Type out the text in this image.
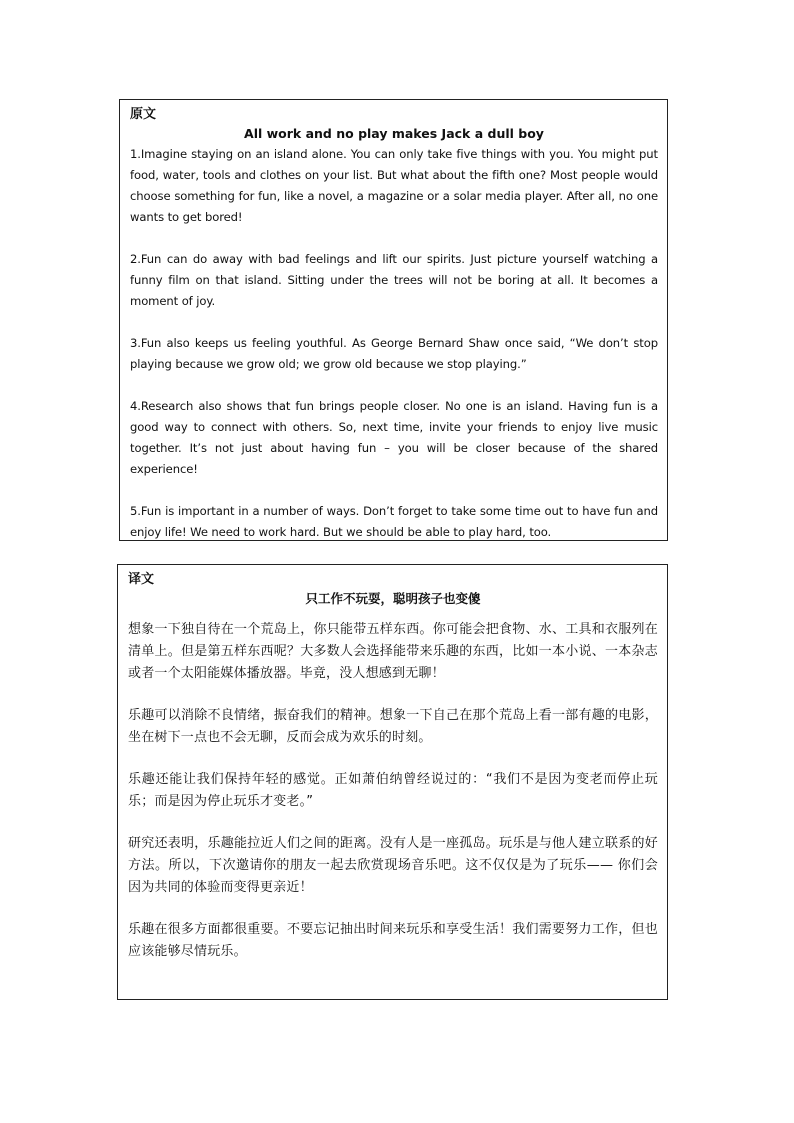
原文
All work and no play makes Jack a dull boy

1.Imagine staying on an island alone. You can only take five things with you. You might put food, water, tools and clothes on your list. But what about the fifth one? Most people would choose something for fun, like a novel, a magazine or a solar media player. After all, no one wants to get bored!

2.Fun can do away with bad feelings and lift our spirits. Just picture yourself watching a funny film on that island. Sitting under the trees will not be boring at all. It becomes a moment of joy.

3.Fun also keeps us feeling youthful. As George Bernard Shaw once said, “We don’t stop playing because we grow old; we grow old because we stop playing.”

4.Research also shows that fun brings people closer. No one is an island. Having fun is a good way to connect with others. So, next time, invite your friends to enjoy live music together. It’s not just about having fun – you will be closer because of the shared experience!

5.Fun is important in a number of ways. Don’t forget to take some time out to have fun and enjoy life! We need to work hard. But we should be able to play hard, too.

译文
只工作不玩耍，聪明孩子也变傻

想象一下独自待在一个荒岛上，你只能带五样东西。你可能会把食物、水、工具和衣服列在清单上。但是第五样东西呢？大多数人会选择能带来乐趣的东西，比如一本小说、一本杂志或者一个太阳能媒体播放器。毕竟，没人想感到无聊！

乐趣可以消除不良情绪，振奋我们的精神。想象一下自己在那个荒岛上看一部有趣的电影，坐在树下一点也不会无聊，反而会成为欢乐的时刻。

乐趣还能让我们保持年轻的感觉。正如萧伯纳曾经说过的：“我们不是因为变老而停止玩乐；而是因为停止玩乐才变老。”

研究还表明，乐趣能拉近人们之间的距离。没有人是一座孤岛。玩乐是与他人建立联系的好方法。所以，下次邀请你的朋友一起去欣赏现场音乐吧。这不仅仅是为了玩乐—— 你们会因为共同的体验而变得更亲近！

乐趣在很多方面都很重要。不要忘记抽出时间来玩乐和享受生活！我们需要努力工作，但也应该能够尽情玩乐。
